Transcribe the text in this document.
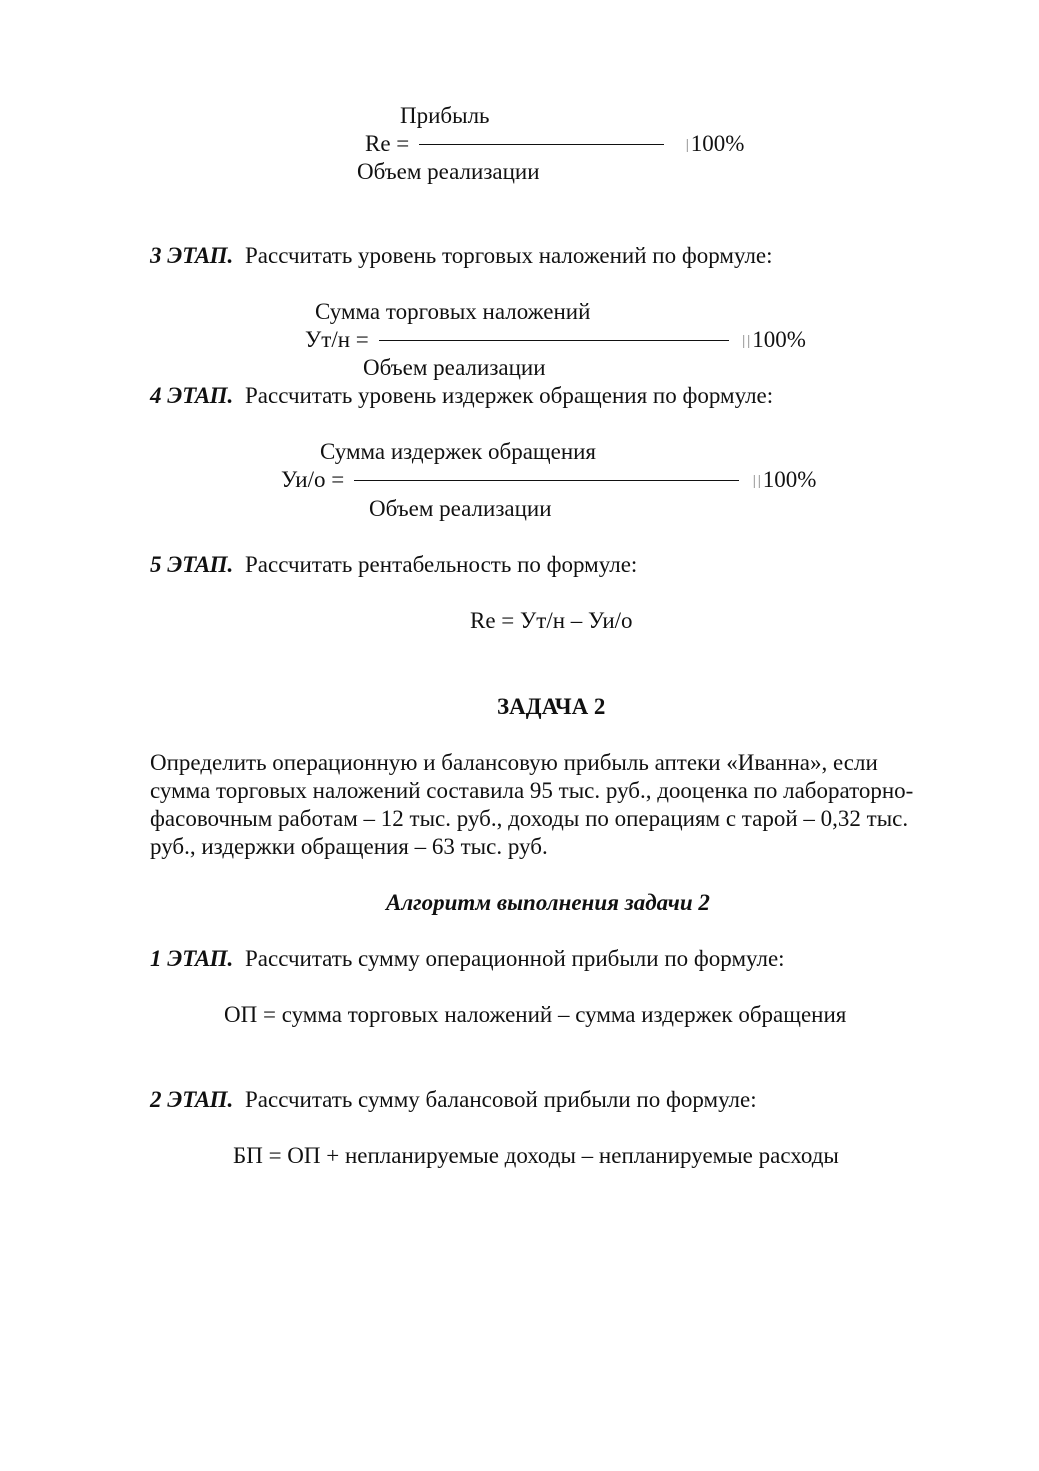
Прибыль
Re =	|100%
Объем реализации
3 ЭТАП. Рассчитать уровень торговых наложений по формуле:
Сумма торговых наложений
Ут/н =	||100%
Объем реализации
4 ЭТАП. Рассчитать уровень издержек обращения по формуле:
Сумма издержек обращения
Уи/о =	||100%
Объем реализации
5 ЭТАП. Рассчитать рентабельность по формуле:
Re = Ут/н – Уи/о
ЗАДАЧА 2

Определить операционную и балансовую прибыль аптеки «Иванна», если

сумма торговых наложений составила 95 тыс. руб., дооценка по лабораторно-

фасовочным работам – 12 тыс. руб., доходы по операциям с тарой – 0,32 тыс.

руб., издержки обращения – 63 тыс. руб.

Алгоритм выполнения задачи 2
1 ЭТАП. Рассчитать сумму операционной прибыли по формуле:
ОП = сумма торговых наложений – сумма издержек обращения
2 ЭТАП. Рассчитать сумму балансовой прибыли по формуле:
БП = ОП + непланируемые доходы – непланируемые расходы
